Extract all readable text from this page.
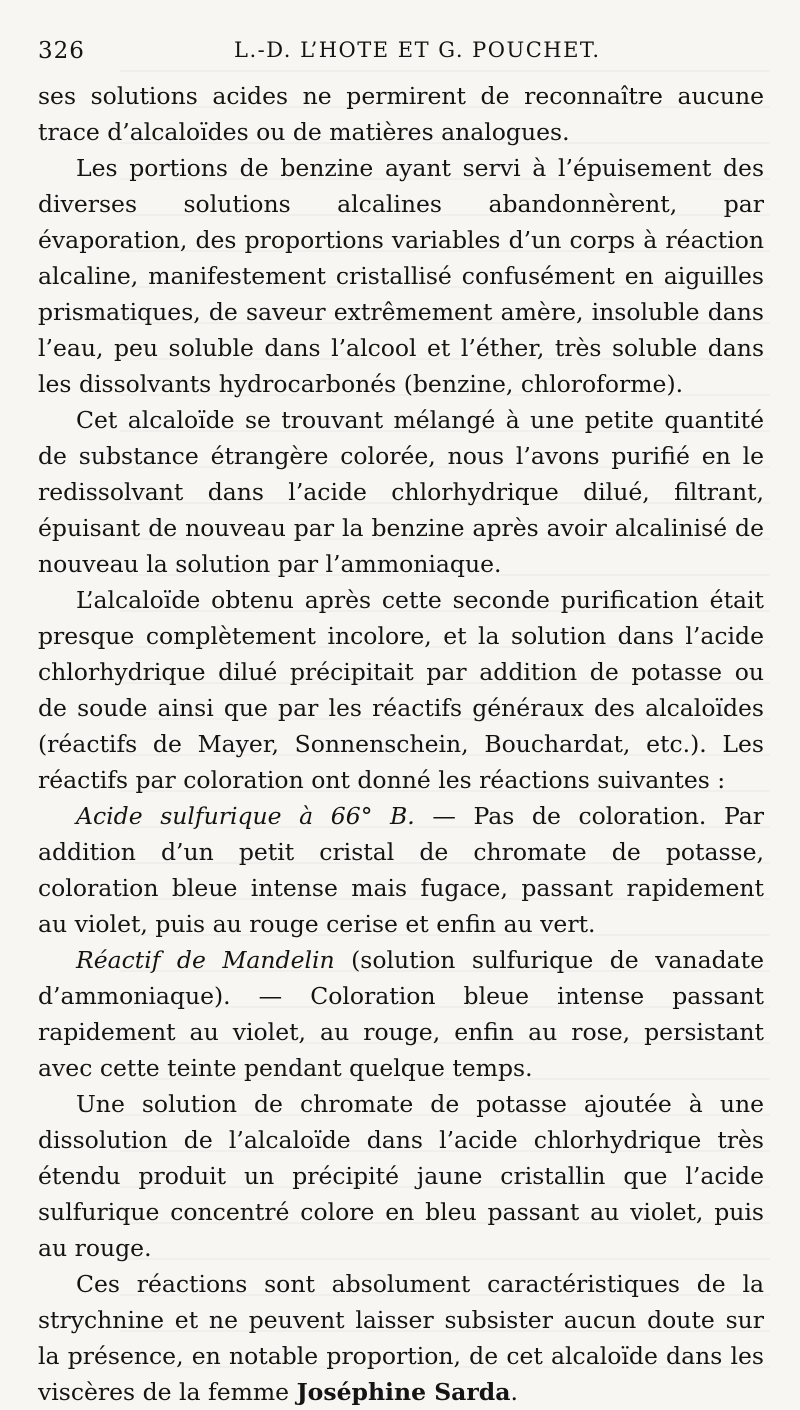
326	L.-D. L’HOTE ET G. POUCHET.

ses solutions acides ne permirent de reconnaître aucune trace d’alcaloïdes ou de matières analogues.

Les portions de benzine ayant servi à l’épuisement des diverses solutions alcalines abandonnèrent, par évaporation, des proportions variables d’un corps à réaction alcaline, manifestement cristallisé confusément en aiguilles prismatiques, de saveur extrêmement amère, insoluble dans l’eau, peu soluble dans l’alcool et l’éther, très soluble dans les dissolvants hydrocarbonés (benzine, chloroforme).

Cet alcaloïde se trouvant mélangé à une petite quantité de substance étrangère colorée, nous l’avons purifié en le redissolvant dans l’acide chlorhydrique dilué, filtrant, épuisant de nouveau par la benzine après avoir alcalinisé de nouveau la solution par l’ammoniaque.

L’alcaloïde obtenu après cette seconde purification était presque complètement incolore, et la solution dans l’acide chlorhydrique dilué précipitait par addition de potasse ou de soude ainsi que par les réactifs généraux des alcaloïdes (réactifs de Mayer, Sonnenschein, Bouchardat, etc.). Les réactifs par coloration ont donné les réactions suivantes :

Acide sulfurique à 66° B. — Pas de coloration. Par addition d’un petit cristal de chromate de potasse, coloration bleue intense mais fugace, passant rapidement au violet, puis au rouge cerise et enfin au vert.

Réactif de Mandelin (solution sulfurique de vanadate d’ammoniaque). — Coloration bleue intense passant rapidement au violet, au rouge, enfin au rose, persistant avec cette teinte pendant quelque temps.

Une solution de chromate de potasse ajoutée à une dissolution de l’alcaloïde dans l’acide chlorhydrique très étendu produit un précipité jaune cristallin que l’acide sulfurique concentré colore en bleu passant au violet, puis au rouge.

Ces réactions sont absolument caractéristiques de la strychnine et ne peuvent laisser subsister aucun doute sur la présence, en notable proportion, de cet alcaloïde dans les viscères de la femme Joséphine Sarda.
